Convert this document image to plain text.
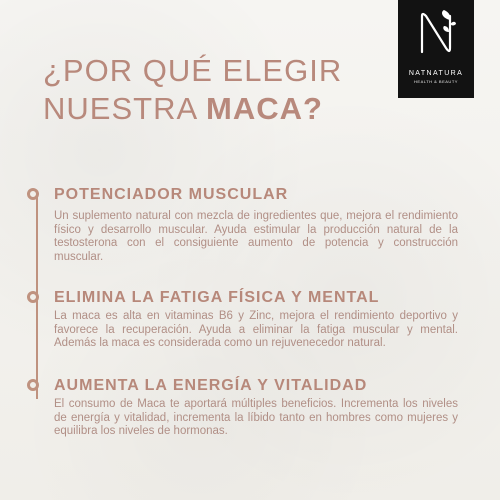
NATNATURA
HEALTH & BEAUTY
¿POR QUÉ ELEGIR
NUESTRA MACA?
POTENCIADOR MUSCULAR

Un suplemento natural con mezcla de ingredientes que, mejora el rendimiento físico y desarrollo muscular. Ayuda estimular la producción natural de la testosterona con el consiguiente aumento de potencia y construcción muscular.

ELIMINA LA FATIGA FÍSICA Y MENTAL

La maca es alta en vitaminas B6 y Zinc, mejora el rendimiento deportivo y favorece la recuperación. Ayuda a eliminar la fatiga muscular y mental. Además la maca es considerada como un rejuvenecedor natural.

AUMENTA LA ENERGÍA Y VITALIDAD

El consumo de Maca te aportará múltiples beneficios. Incrementa los niveles de energía y vitalidad, incrementa la líbido tanto en hombres como mujeres y equilibra los niveles de hormonas.
